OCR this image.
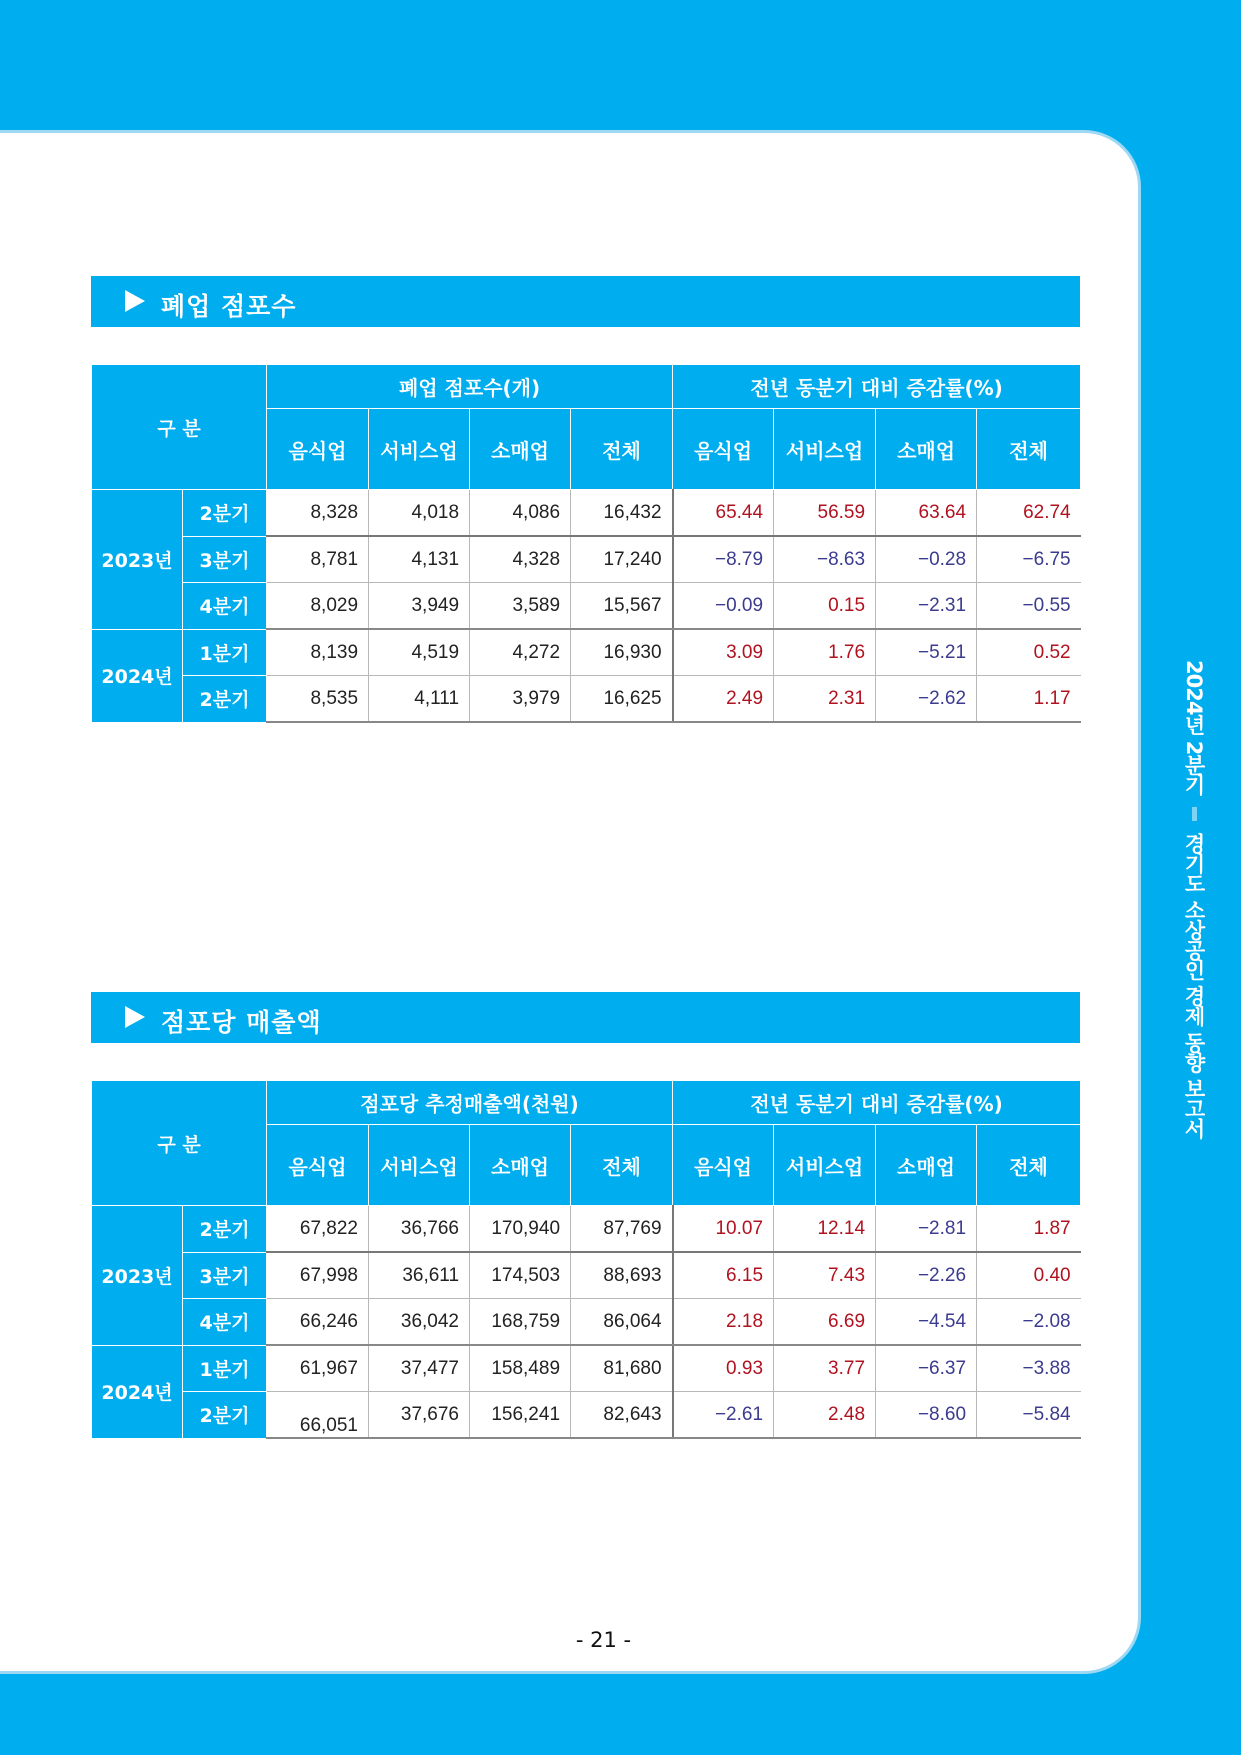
2024년 2분기  경기도 소상공인 경제 동향 보고서
폐업 점포수
구 분		폐업 점포수(개)				전년 동분기 대비 증감률(%)			
		음식업	서비스업	소매업	전체	음식업	서비스업	소매업	전체
2023년	2분기	8,328	4,018	4,086	16,432	65.44	56.59	63.64	62.74
	3분기	8,781	4,131	4,328	17,240	−8.79	−8.63	−0.28	−6.75
	4분기	8,029	3,949	3,589	15,567	−0.09	0.15	−2.31	−0.55
2024년	1분기	8,139	4,519	4,272	16,930	3.09	1.76	−5.21	0.52
	2분기	8,535	4,111	3,979	16,625	2.49	2.31	−2.62	1.17
점포당 매출액
구 분		점포당 추정매출액(천원)				전년 동분기 대비 증감률(%)			
		음식업	서비스업	소매업	전체	음식업	서비스업	소매업	전체
2023년	2분기	67,822	36,766	170,940	87,769	10.07	12.14	−2.81	1.87
	3분기	67,998	36,611	174,503	88,693	6.15	7.43	−2.26	0.40
	4분기	66,246	36,042	168,759	86,064	2.18	6.69	−4.54	−2.08
2024년	1분기	61,967	37,477	158,489	81,680	0.93	3.77	−6.37	−3.88
	2분기	66,051	37,676	156,241	82,643	−2.61	2.48	−8.60	−5.84
- 21 -
